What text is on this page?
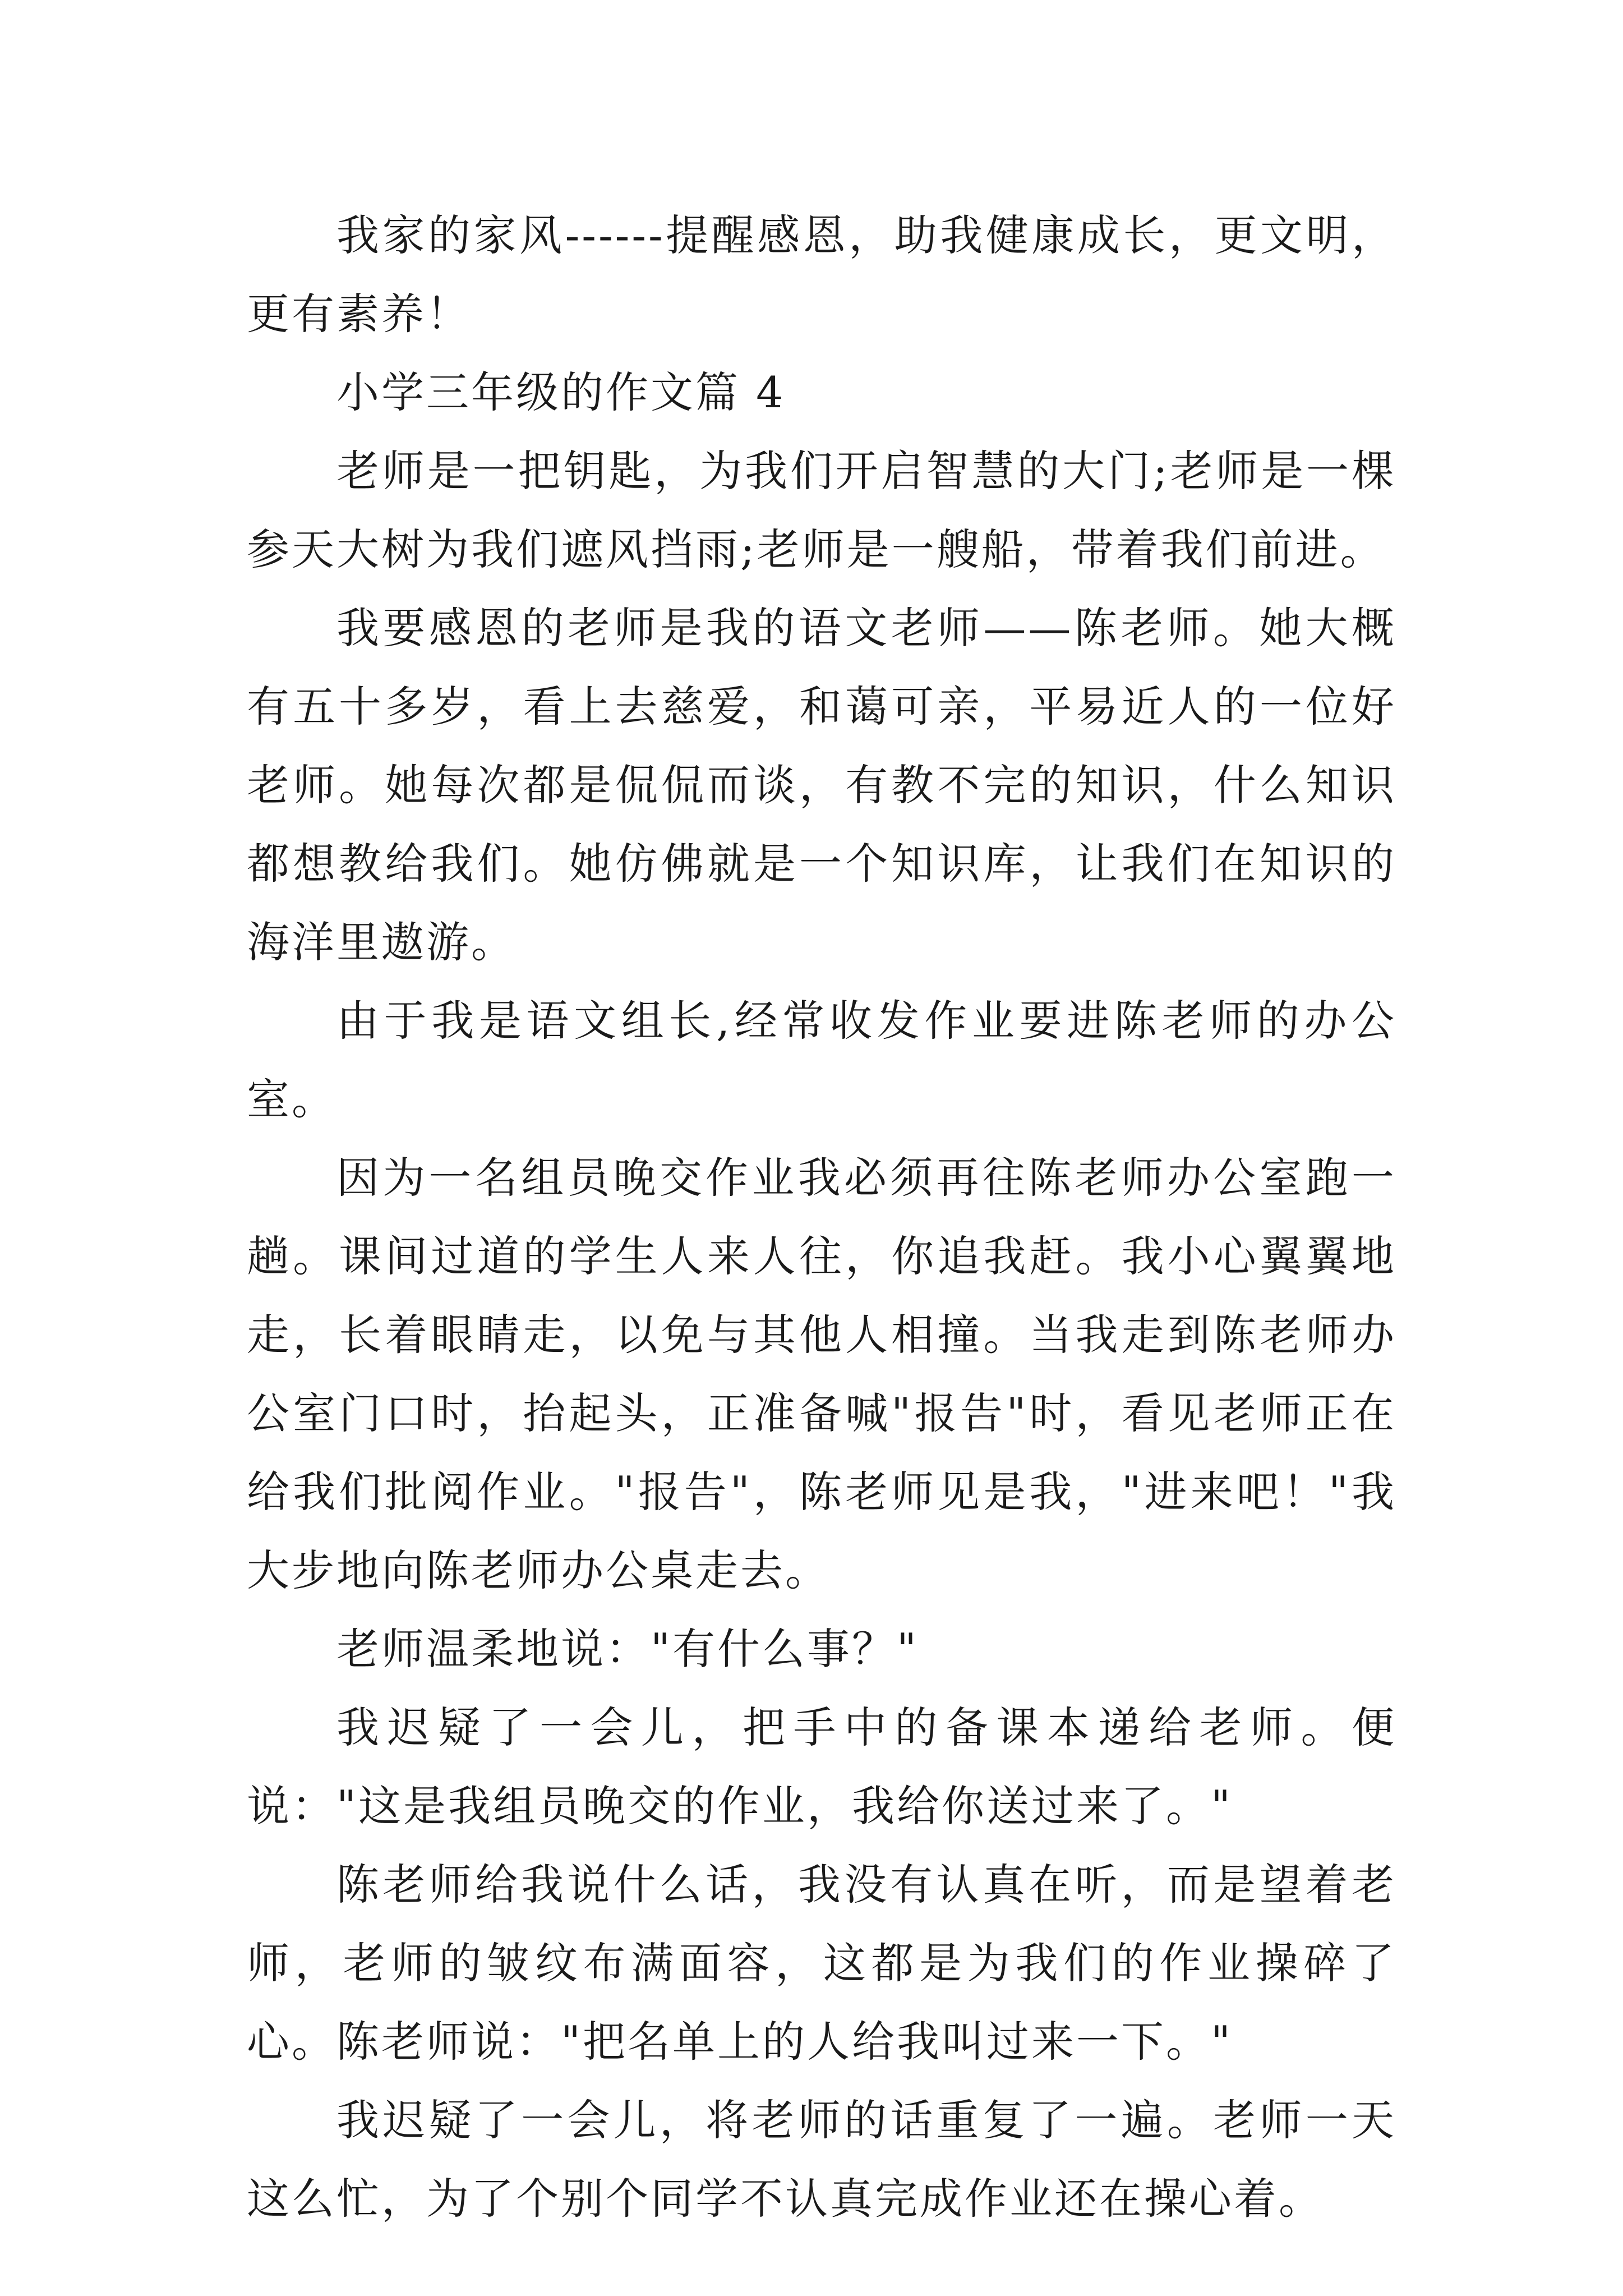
我家的家风------提醒感恩，助我健康成长，更文明，更有素养！

小学三年级的作文篇 4

老师是一把钥匙，为我们开启智慧的大门;老师是一棵参天大树为我们遮风挡雨;老师是一艘船，带着我们前进。

我要感恩的老师是我的语文老师——陈老师。她大概有五十多岁，看上去慈爱，和蔼可亲，平易近人的一位好老师。她每次都是侃侃而谈，有教不完的知识，什么知识都想教给我们。她仿佛就是一个知识库，让我们在知识的海洋里遨游。

由于我是语文组长,经常收发作业要进陈老师的办公室。

因为一名组员晚交作业我必须再往陈老师办公室跑一趟。课间过道的学生人来人往，你追我赶。我小心翼翼地走，长着眼睛走，以免与其他人相撞。当我走到陈老师办公室门口时，抬起头，正准备喊"报告"时，看见老师正在给我们批阅作业。"报告"，陈老师见是我，"进来吧！"我大步地向陈老师办公桌走去。

老师温柔地说："有什么事？"

我迟疑了一会儿，把手中的备课本递给老师。便说："这是我组员晚交的作业，我给你送过来了。"

陈老师给我说什么话，我没有认真在听，而是望着老师，老师的皱纹布满面容，这都是为我们的作业操碎了心。陈老师说："把名单上的人给我叫过来一下。"

我迟疑了一会儿，将老师的话重复了一遍。老师一天这么忙，为了个别个同学不认真完成作业还在操心着。
